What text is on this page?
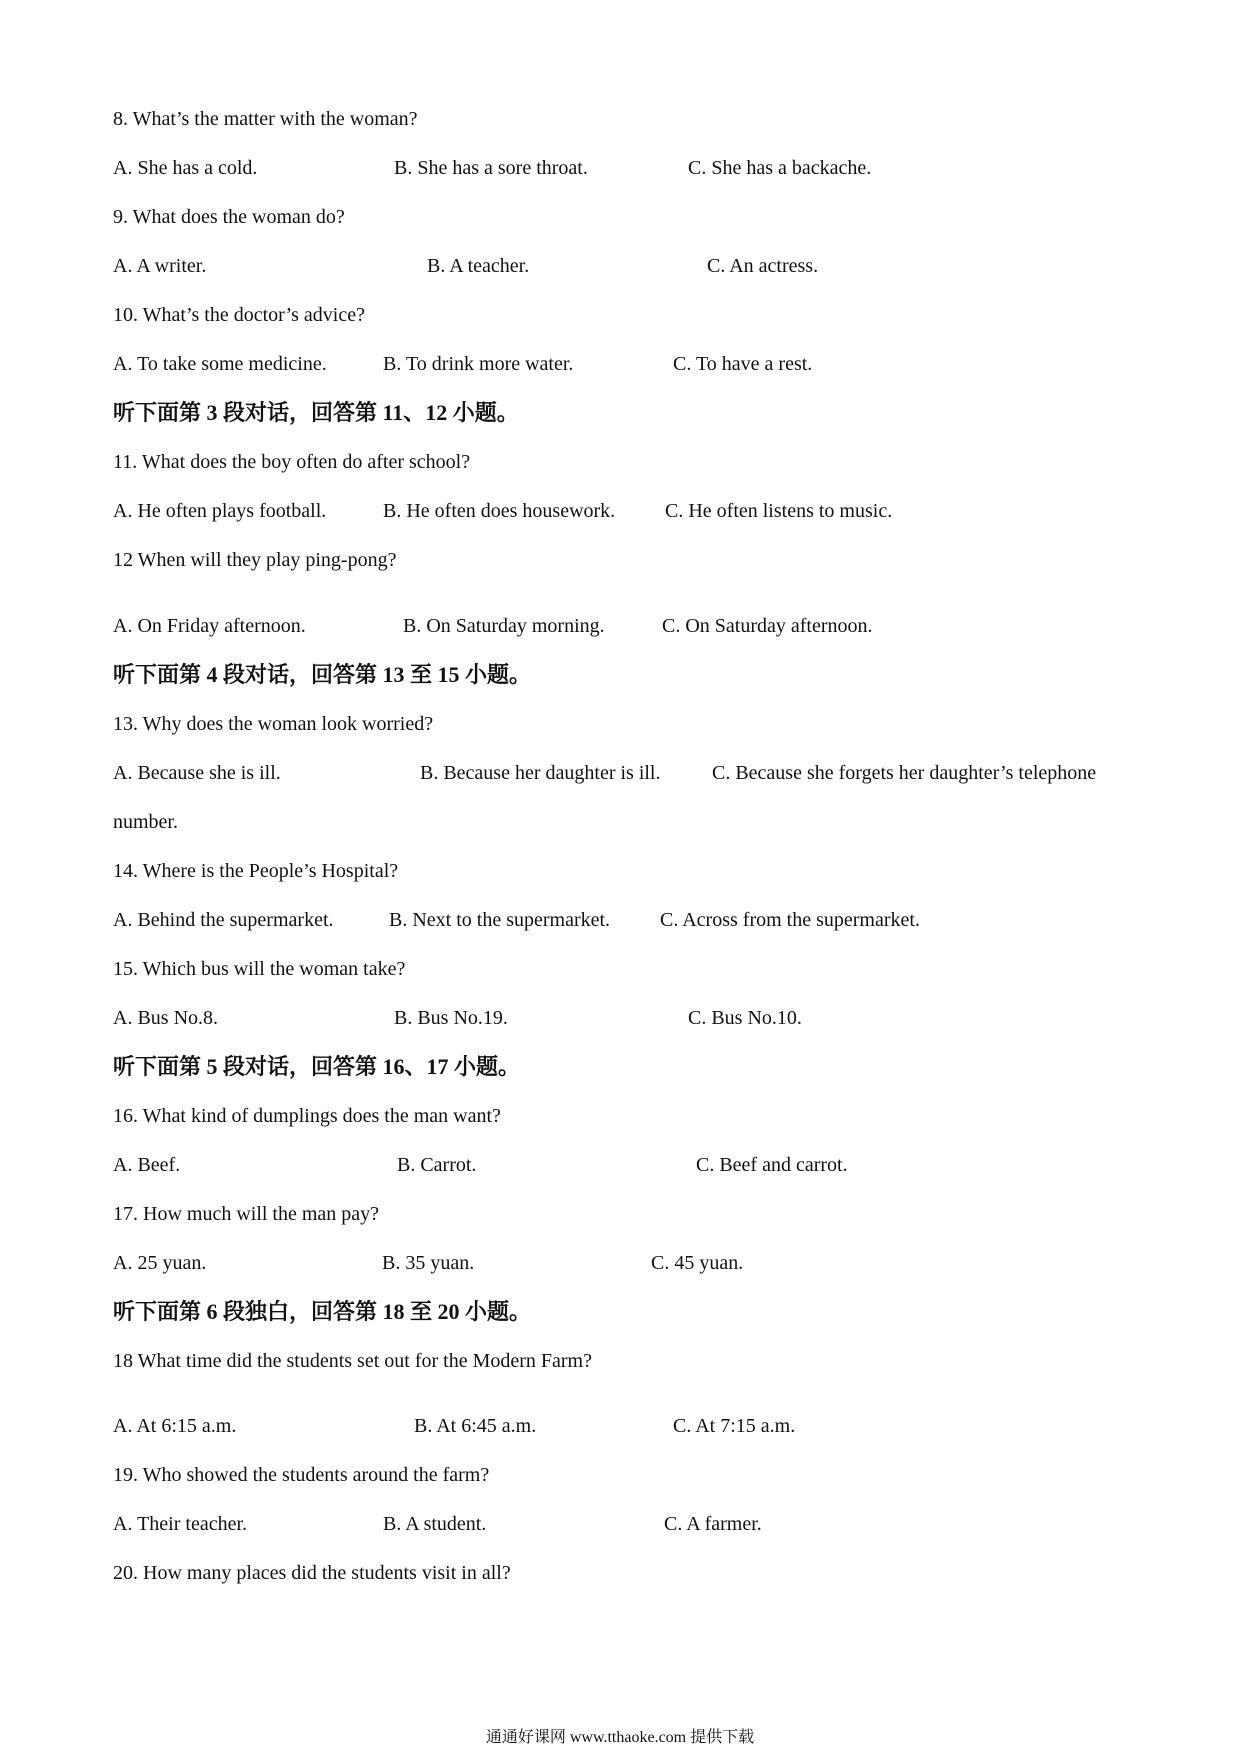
8. What’s the matter with the woman?
A. She has a cold.	B. She has a sore throat.	C. She has a backache.
9. What does the woman do?
A. A writer.	B. A teacher.	C. An actress.
10. What’s the doctor’s advice?
A. To take some medicine.	B. To drink more water.	C. To have a rest.
听下面第 3 段对话，回答第 11、12 小题。
11. What does the boy often do after school?
A. He often plays football.	B. He often does housework. C. He often listens to music.
12 When will they play ping-pong?
A. On Friday afternoon.	B. On Saturday morning.	C. On Saturday afternoon.
听下面第 4 段对话，回答第 13 至 15 小题。
13. Why does the woman look worried?
A. Because she is ill.	B. Because her daughter is ill.	C. Because she forgets her daughter’s telephone
number.
14. Where is the People’s Hospital?
A. Behind the supermarket.	B. Next to the supermarket. C. Across from the supermarket.
15. Which bus will the woman take?
A. Bus No.8.	B. Bus No.19.	C. Bus No.10.
听下面第 5 段对话，回答第 16、17 小题。
16. What kind of dumplings does the man want?
A. Beef.	B. Carrot.	C. Beef and carrot.
17. How much will the man pay?
A. 25 yuan.	B. 35 yuan.	C. 45 yuan.
听下面第 6 段独白，回答第 18 至 20 小题。
18 What time did the students set out for the Modern Farm?
A. At 6:15 a.m.	B. At 6:45 a.m.	C. At 7:15 a.m.
19. Who showed the students around the farm?
A. Their teacher.	B. A student.	C. A farmer.
20. How many places did the students visit in all?
通通好课网 www.tthaoke.com 提供下载
